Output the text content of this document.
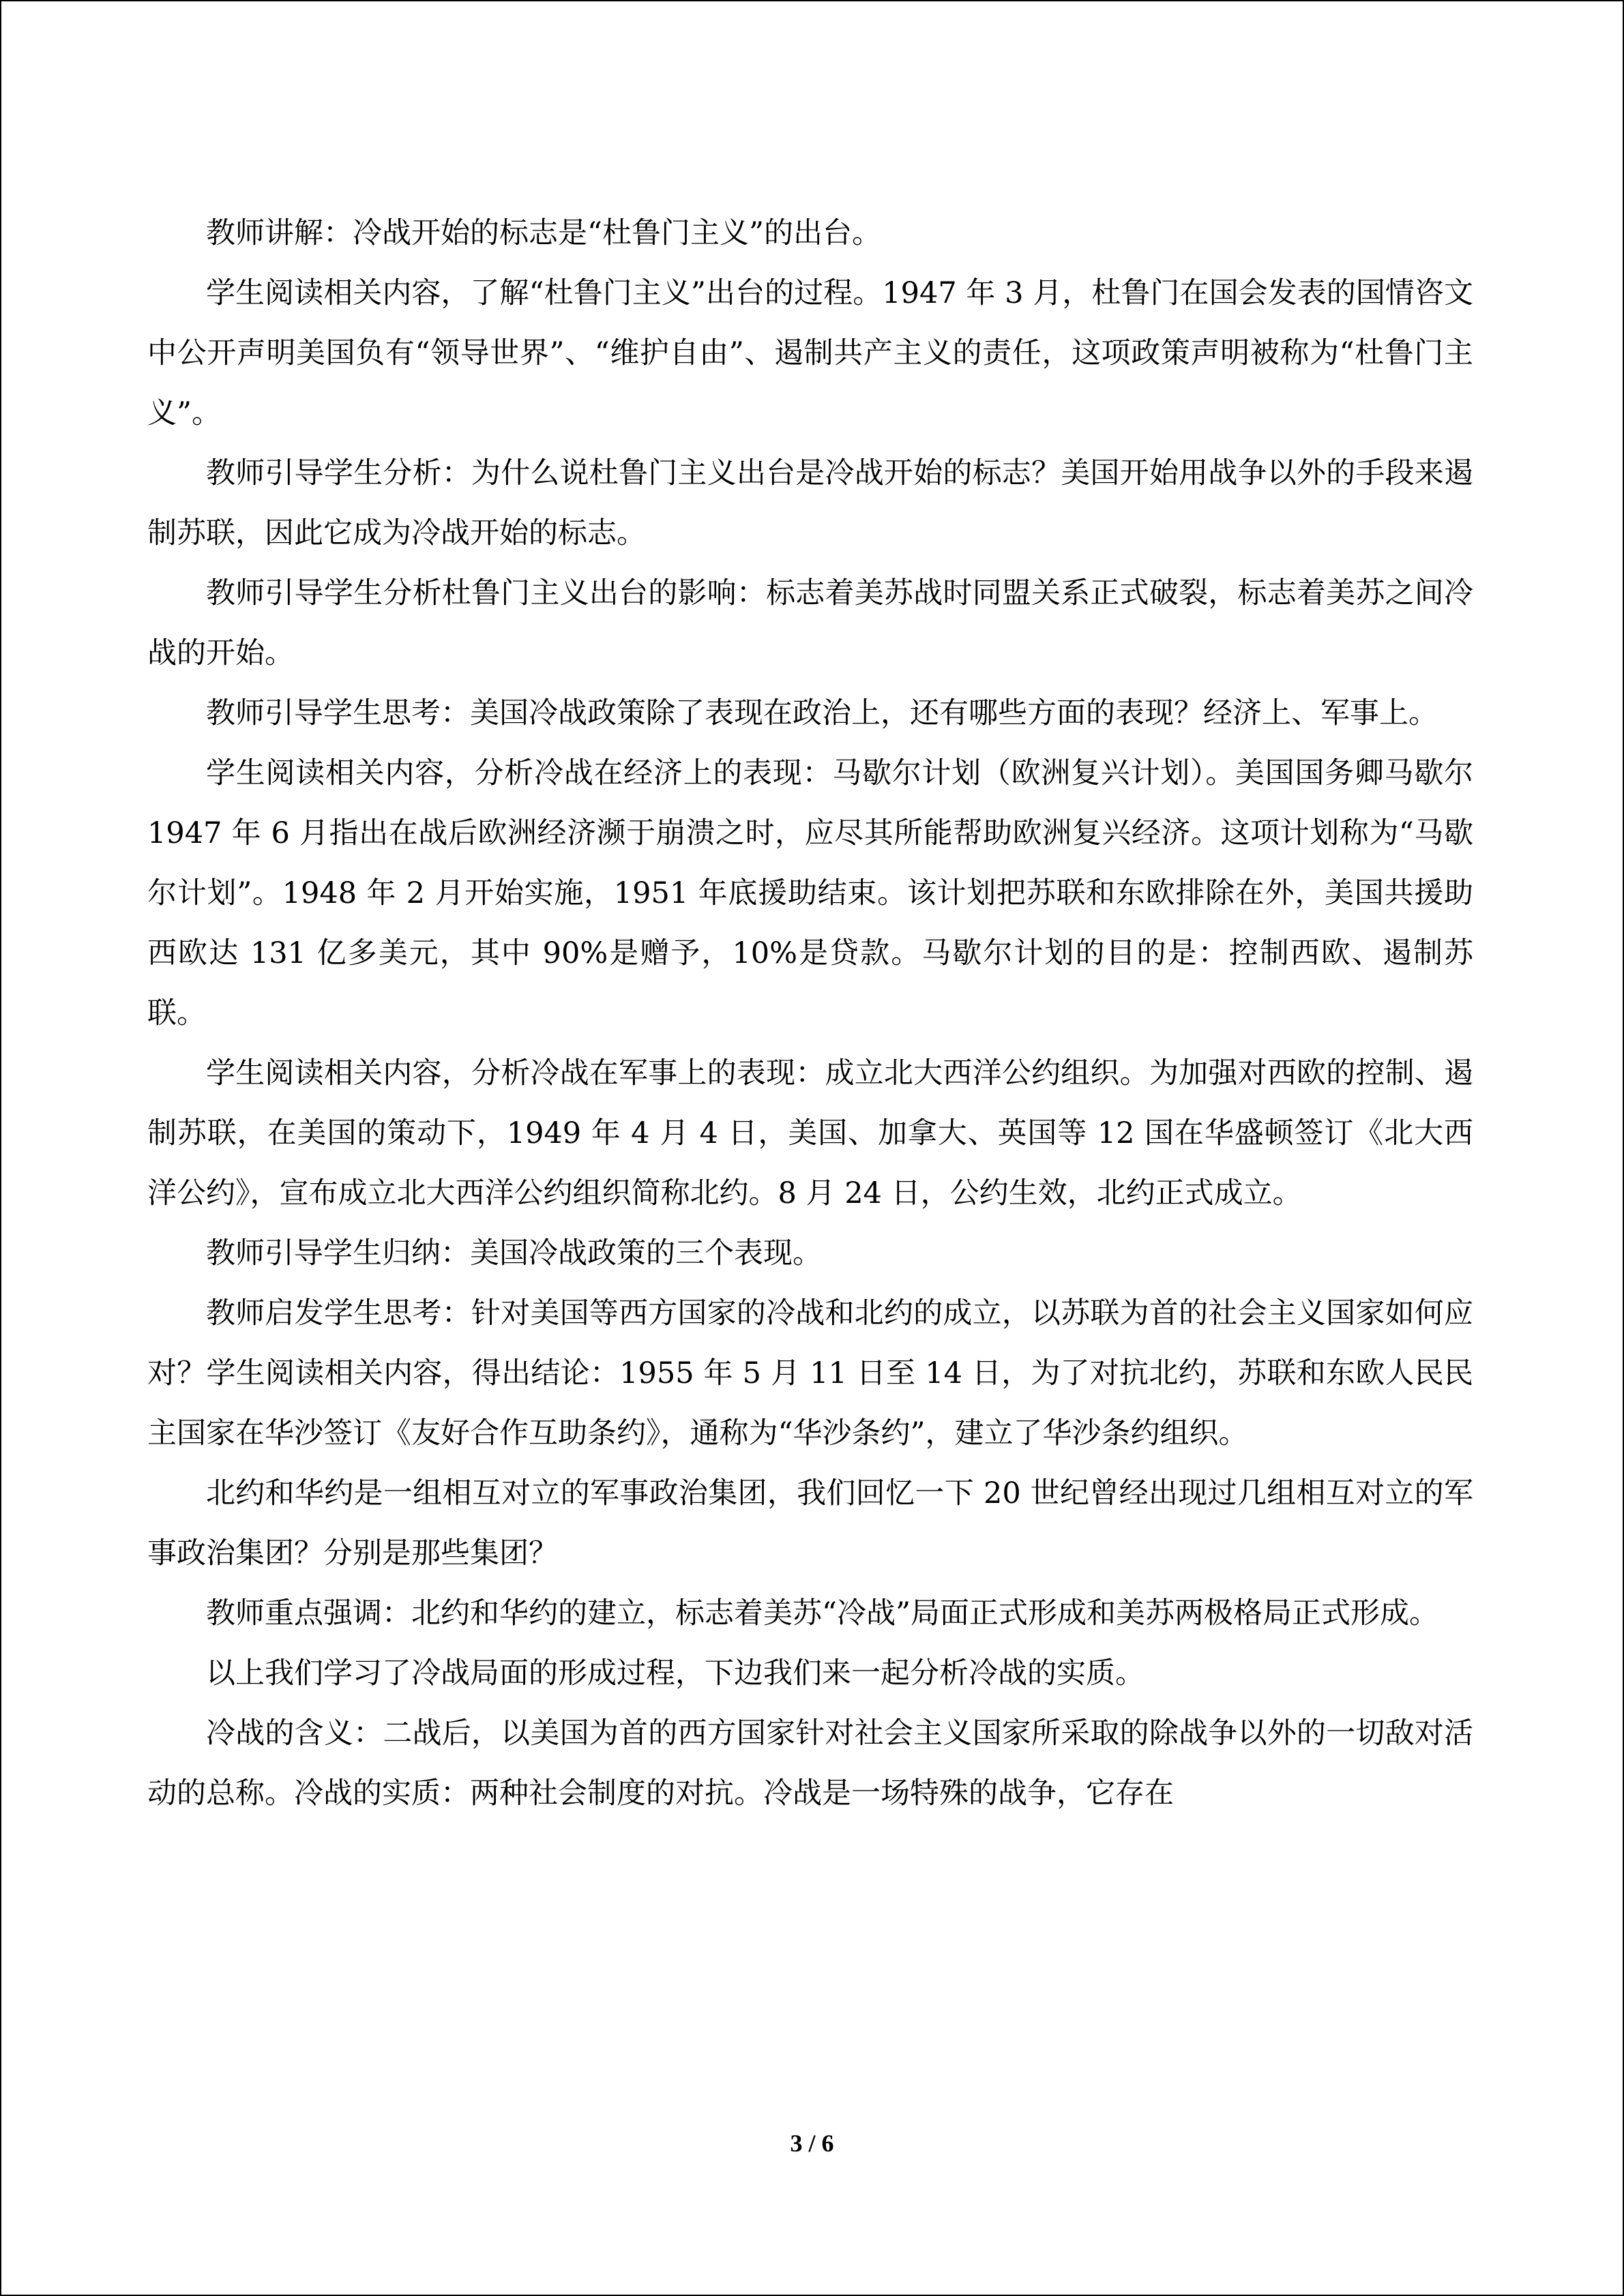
教师讲解：冷战开始的标志是“杜鲁门主义”的出台。

学生阅读相关内容，了解“杜鲁门主义”出台的过程。1947 年 3 月，杜鲁门在国会发表的国情咨文中公开声明美国负有“领导世界”、“维护自由”、遏制共产主义的责任，这项政策声明被称为“杜鲁门主义”。

教师引导学生分析：为什么说杜鲁门主义出台是冷战开始的标志？美国开始用战争以外的手段来遏制苏联，因此它成为冷战开始的标志。

教师引导学生分析杜鲁门主义出台的影响：标志着美苏战时同盟关系正式破裂，标志着美苏之间冷战的开始。

教师引导学生思考：美国冷战政策除了表现在政治上，还有哪些方面的表现？经济上、军事上。

学生阅读相关内容，分析冷战在经济上的表现：马歇尔计划（欧洲复兴计划）。美国国务卿马歇尔 1947 年 6 月指出在战后欧洲经济濒于崩溃之时，应尽其所能帮助欧洲复兴经济。这项计划称为“马歇尔计划”。1948 年 2 月开始实施，1951 年底援助结束。该计划把苏联和东欧排除在外，美国共援助西欧达 131 亿多美元，其中 90%是赠予，10%是贷款。马歇尔计划的目的是：控制西欧、遏制苏联。

学生阅读相关内容，分析冷战在军事上的表现：成立北大西洋公约组织。为加强对西欧的控制、遏制苏联，在美国的策动下，1949 年 4 月 4 日，美国、加拿大、英国等 12 国在华盛顿签订《北大西洋公约》，宣布成立北大西洋公约组织简称北约。8 月 24 日，公约生效，北约正式成立。

教师引导学生归纳：美国冷战政策的三个表现。

教师启发学生思考：针对美国等西方国家的冷战和北约的成立，以苏联为首的社会主义国家如何应对？学生阅读相关内容，得出结论：1955 年 5 月 11 日至 14 日，为了对抗北约，苏联和东欧人民民主国家在华沙签订《友好合作互助条约》，通称为“华沙条约”，建立了华沙条约组织。

北约和华约是一组相互对立的军事政治集团，我们回忆一下 20 世纪曾经出现过几组相互对立的军事政治集团？分别是那些集团？

教师重点强调：北约和华约的建立，标志着美苏“冷战”局面正式形成和美苏两极格局正式形成。

以上我们学习了冷战局面的形成过程，下边我们来一起分析冷战的实质。

冷战的含义：二战后，以美国为首的西方国家针对社会主义国家所采取的除战争以外的一切敌对活动的总称。冷战的实质：两种社会制度的对抗。冷战是一场特殊的战争，它存在

3 / 6
